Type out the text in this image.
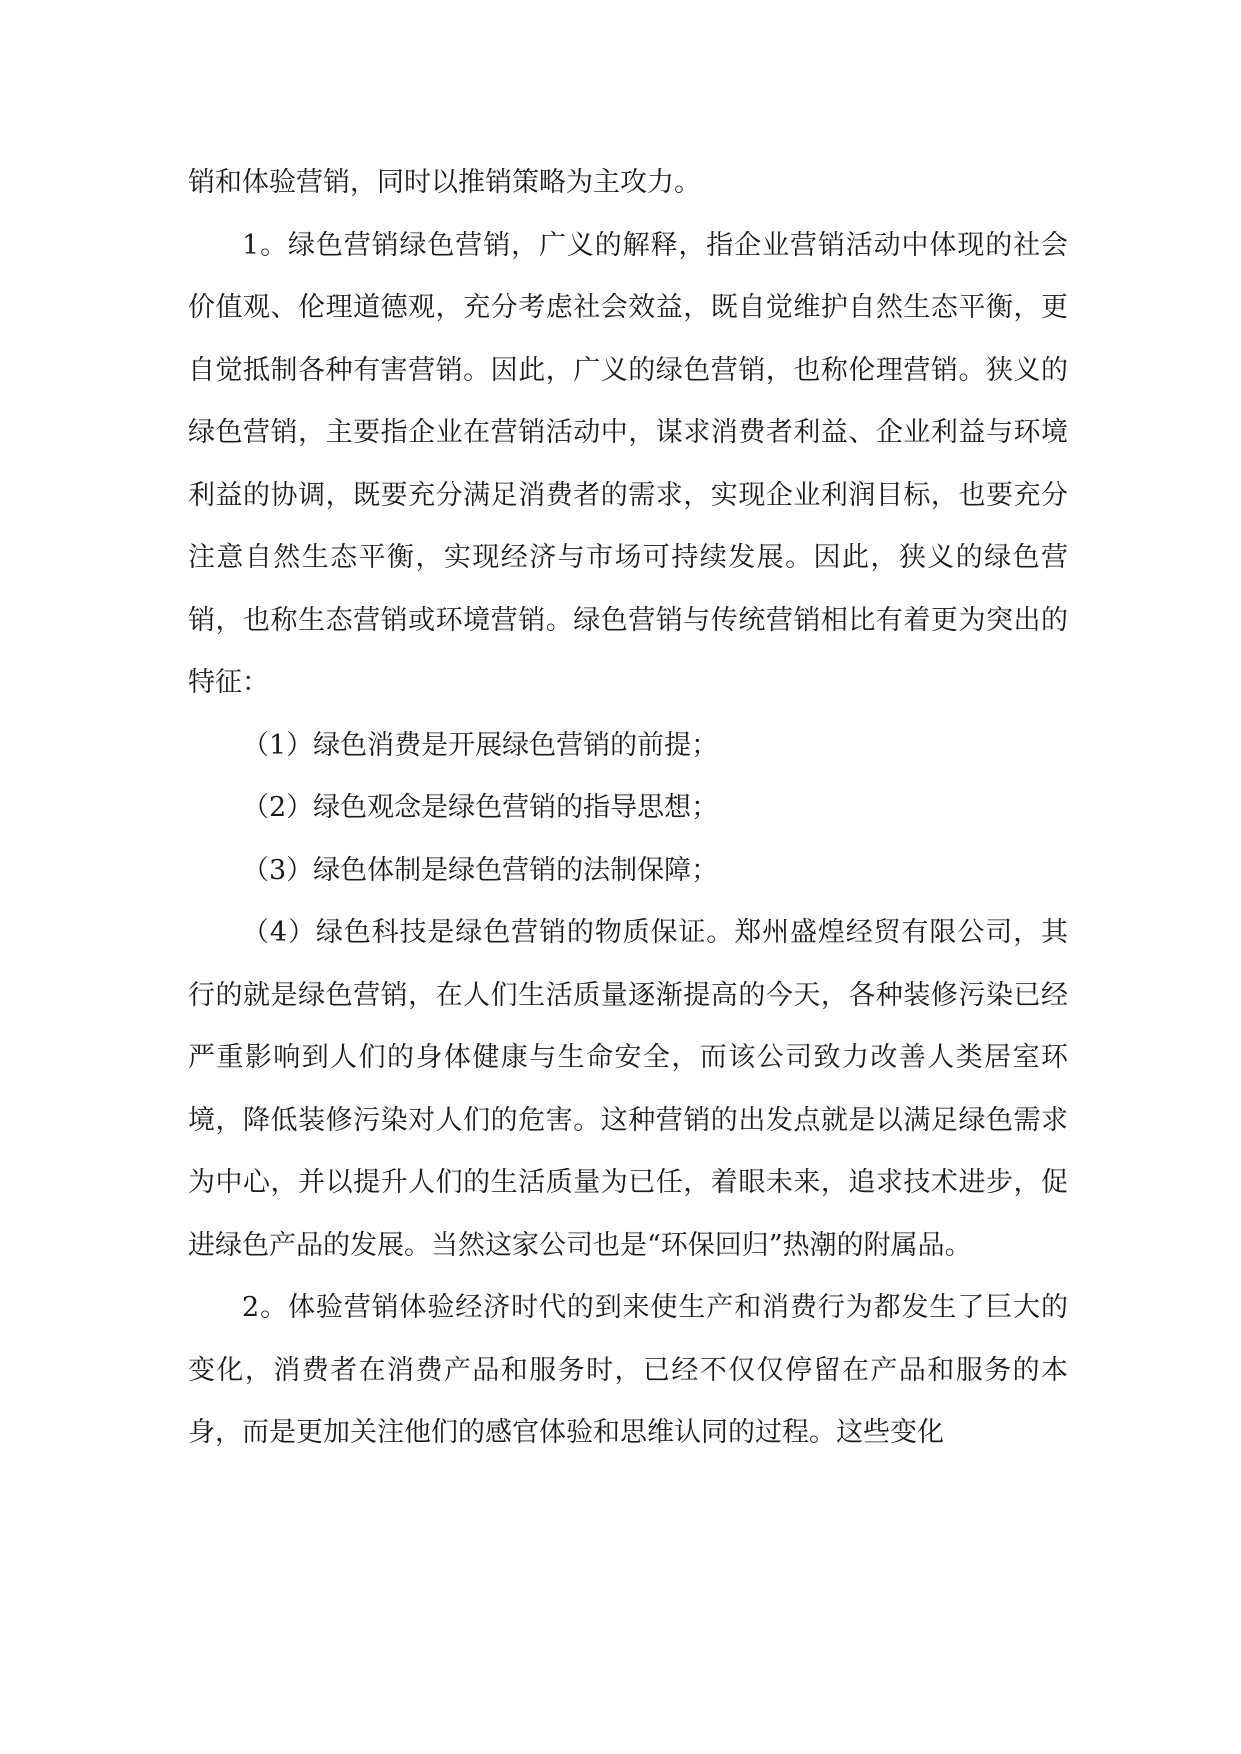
销和体验营销，同时以推销策略为主攻力。

1。绿色营销绿色营销，广义的解释，指企业营销活动中体现的社会价值观、伦理道德观，充分考虑社会效益，既自觉维护自然生态平衡，更自觉抵制各种有害营销。因此，广义的绿色营销，也称伦理营销。狭义的绿色营销，主要指企业在营销活动中，谋求消费者利益、企业利益与环境利益的协调，既要充分满足消费者的需求，实现企业利润目标，也要充分注意自然生态平衡，实现经济与市场可持续发展。因此，狭义的绿色营销，也称生态营销或环境营销。绿色营销与传统营销相比有着更为突出的特征：

（1）绿色消费是开展绿色营销的前提；

（2）绿色观念是绿色营销的指导思想；

（3）绿色体制是绿色营销的法制保障；

（4）绿色科技是绿色营销的物质保证。郑州盛煌经贸有限公司，其行的就是绿色营销，在人们生活质量逐渐提高的今天，各种装修污染已经严重影响到人们的身体健康与生命安全，而该公司致力改善人类居室环境，降低装修污染对人们的危害。这种营销的出发点就是以满足绿色需求为中心，并以提升人们的生活质量为已任，着眼未来，追求技术进步，促进绿色产品的发展。当然这家公司也是“环保回归”热潮的附属品。

2。体验营销体验经济时代的到来使生产和消费行为都发生了巨大的变化，消费者在消费产品和服务时，已经不仅仅停留在产品和服务的本身，而是更加关注他们的感官体验和思维认同的过程。这些变化
